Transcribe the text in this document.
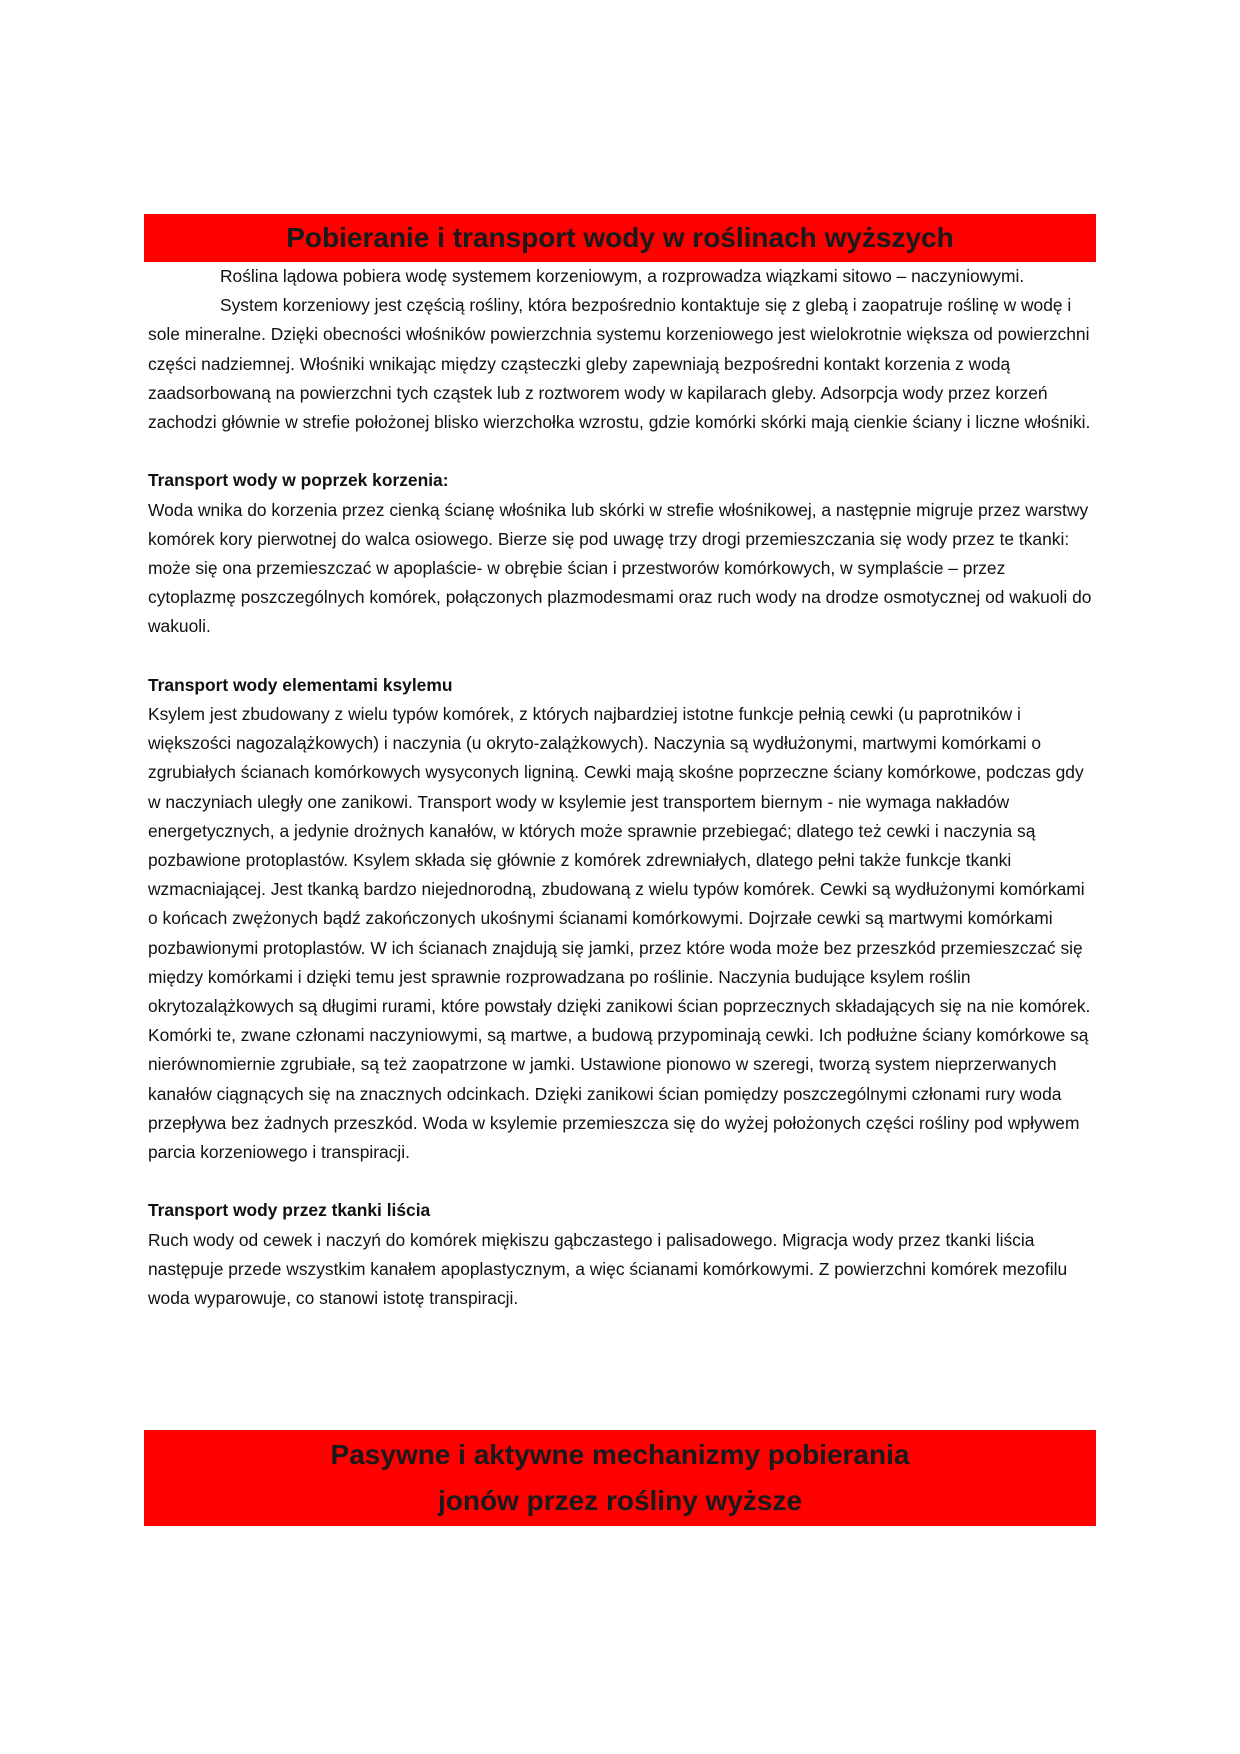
Pobieranie i transport wody w roślinach wyższych

Roślina lądowa pobiera wodę systemem korzeniowym, a rozprowadza wiązkami sitowo – naczyniowymi.

System korzeniowy jest częścią rośliny, która bezpośrednio kontaktuje się z glebą i zaopatruje roślinę w wodę i sole mineralne. Dzięki obecności włośników powierzchnia systemu korzeniowego jest wielokrotnie większa od powierzchni części nadziemnej. Włośniki wnikając między cząsteczki gleby zapewniają bezpośredni kontakt korzenia z wodą zaadsorbowaną na powierzchni tych cząstek lub z roztworem wody w kapilarach gleby. Adsorpcja wody przez korzeń zachodzi głównie w strefie położonej blisko wierzchołka wzrostu, gdzie komórki skórki mają cienkie ściany i liczne włośniki.

Transport wody w poprzek korzenia:

Woda wnika do korzenia przez cienką ścianę włośnika lub skórki w strefie włośnikowej, a następnie migruje przez warstwy komórek kory pierwotnej do walca osiowego. Bierze się pod uwagę trzy drogi przemieszczania się wody przez te tkanki: może się ona przemieszczać w apoplaście- w obrębie ścian i przestworów komórkowych, w symplaście – przez cytoplazmę poszczególnych komórek, połączonych plazmodesmami oraz ruch wody na drodze osmotycznej od wakuoli do wakuoli.

Transport wody elementami ksylemu

Ksylem jest zbudowany z wielu typów komórek, z których najbardziej istotne funkcje pełnią cewki (u paprotników i większości nagozalążkowych) i naczynia (u okryto-zalążkowych). Naczynia są wydłużonymi, martwymi komórkami o zgrubiałych ścianach komórkowych wysyconych ligniną. Cewki mają skośne poprzeczne ściany komórkowe, podczas gdy w naczyniach uległy one zanikowi. Transport wody w ksylemie jest transportem biernym - nie wymaga nakładów energetycznych, a jedynie drożnych kanałów, w których może sprawnie przebiegać; dlatego też cewki i naczynia są pozbawione protoplastów. Ksylem składa się głównie z komórek zdrewniałych, dlatego pełni także funkcje tkanki wzmacniającej. Jest tkanką bardzo niejednorodną, zbudowaną z wielu typów komórek. Cewki są wydłużonymi komórkami o końcach zwężonych bądź zakończonych ukośnymi ścianami komórkowymi. Dojrzałe cewki są martwymi komórkami pozbawionymi protoplastów. W ich ścianach znajdują się jamki, przez które woda może bez przeszkód przemieszczać się między komórkami i dzięki temu jest sprawnie rozprowadzana po roślinie. Naczynia budujące ksylem roślin okrytozalążkowych są długimi rurami, które powstały dzięki zanikowi ścian poprzecznych składających się na nie komórek. Komórki te, zwane członami naczyniowymi, są martwe, a budową przypominają cewki. Ich podłużne ściany komórkowe są nierównomiernie zgrubiałe, są też zaopatrzone w jamki. Ustawione pionowo w szeregi, tworzą system nieprzerwanych kanałów ciągnących się na znacznych odcinkach. Dzięki zanikowi ścian pomiędzy poszczególnymi członami rury woda przepływa bez żadnych przeszkód. Woda w ksylemie przemieszcza się do wyżej położonych części rośliny pod wpływem parcia korzeniowego i transpiracji.

Transport wody przez tkanki liścia

Ruch wody od cewek i naczyń do komórek miękiszu gąbczastego i palisadowego. Migracja wody przez tkanki liścia następuje przede wszystkim kanałem apoplastycznym, a więc ścianami komórkowymi. Z powierzchni komórek mezofilu woda wyparowuje, co stanowi istotę transpiracji.

Pasywne i aktywne mechanizmy pobierania
jonów przez rośliny wyższe
